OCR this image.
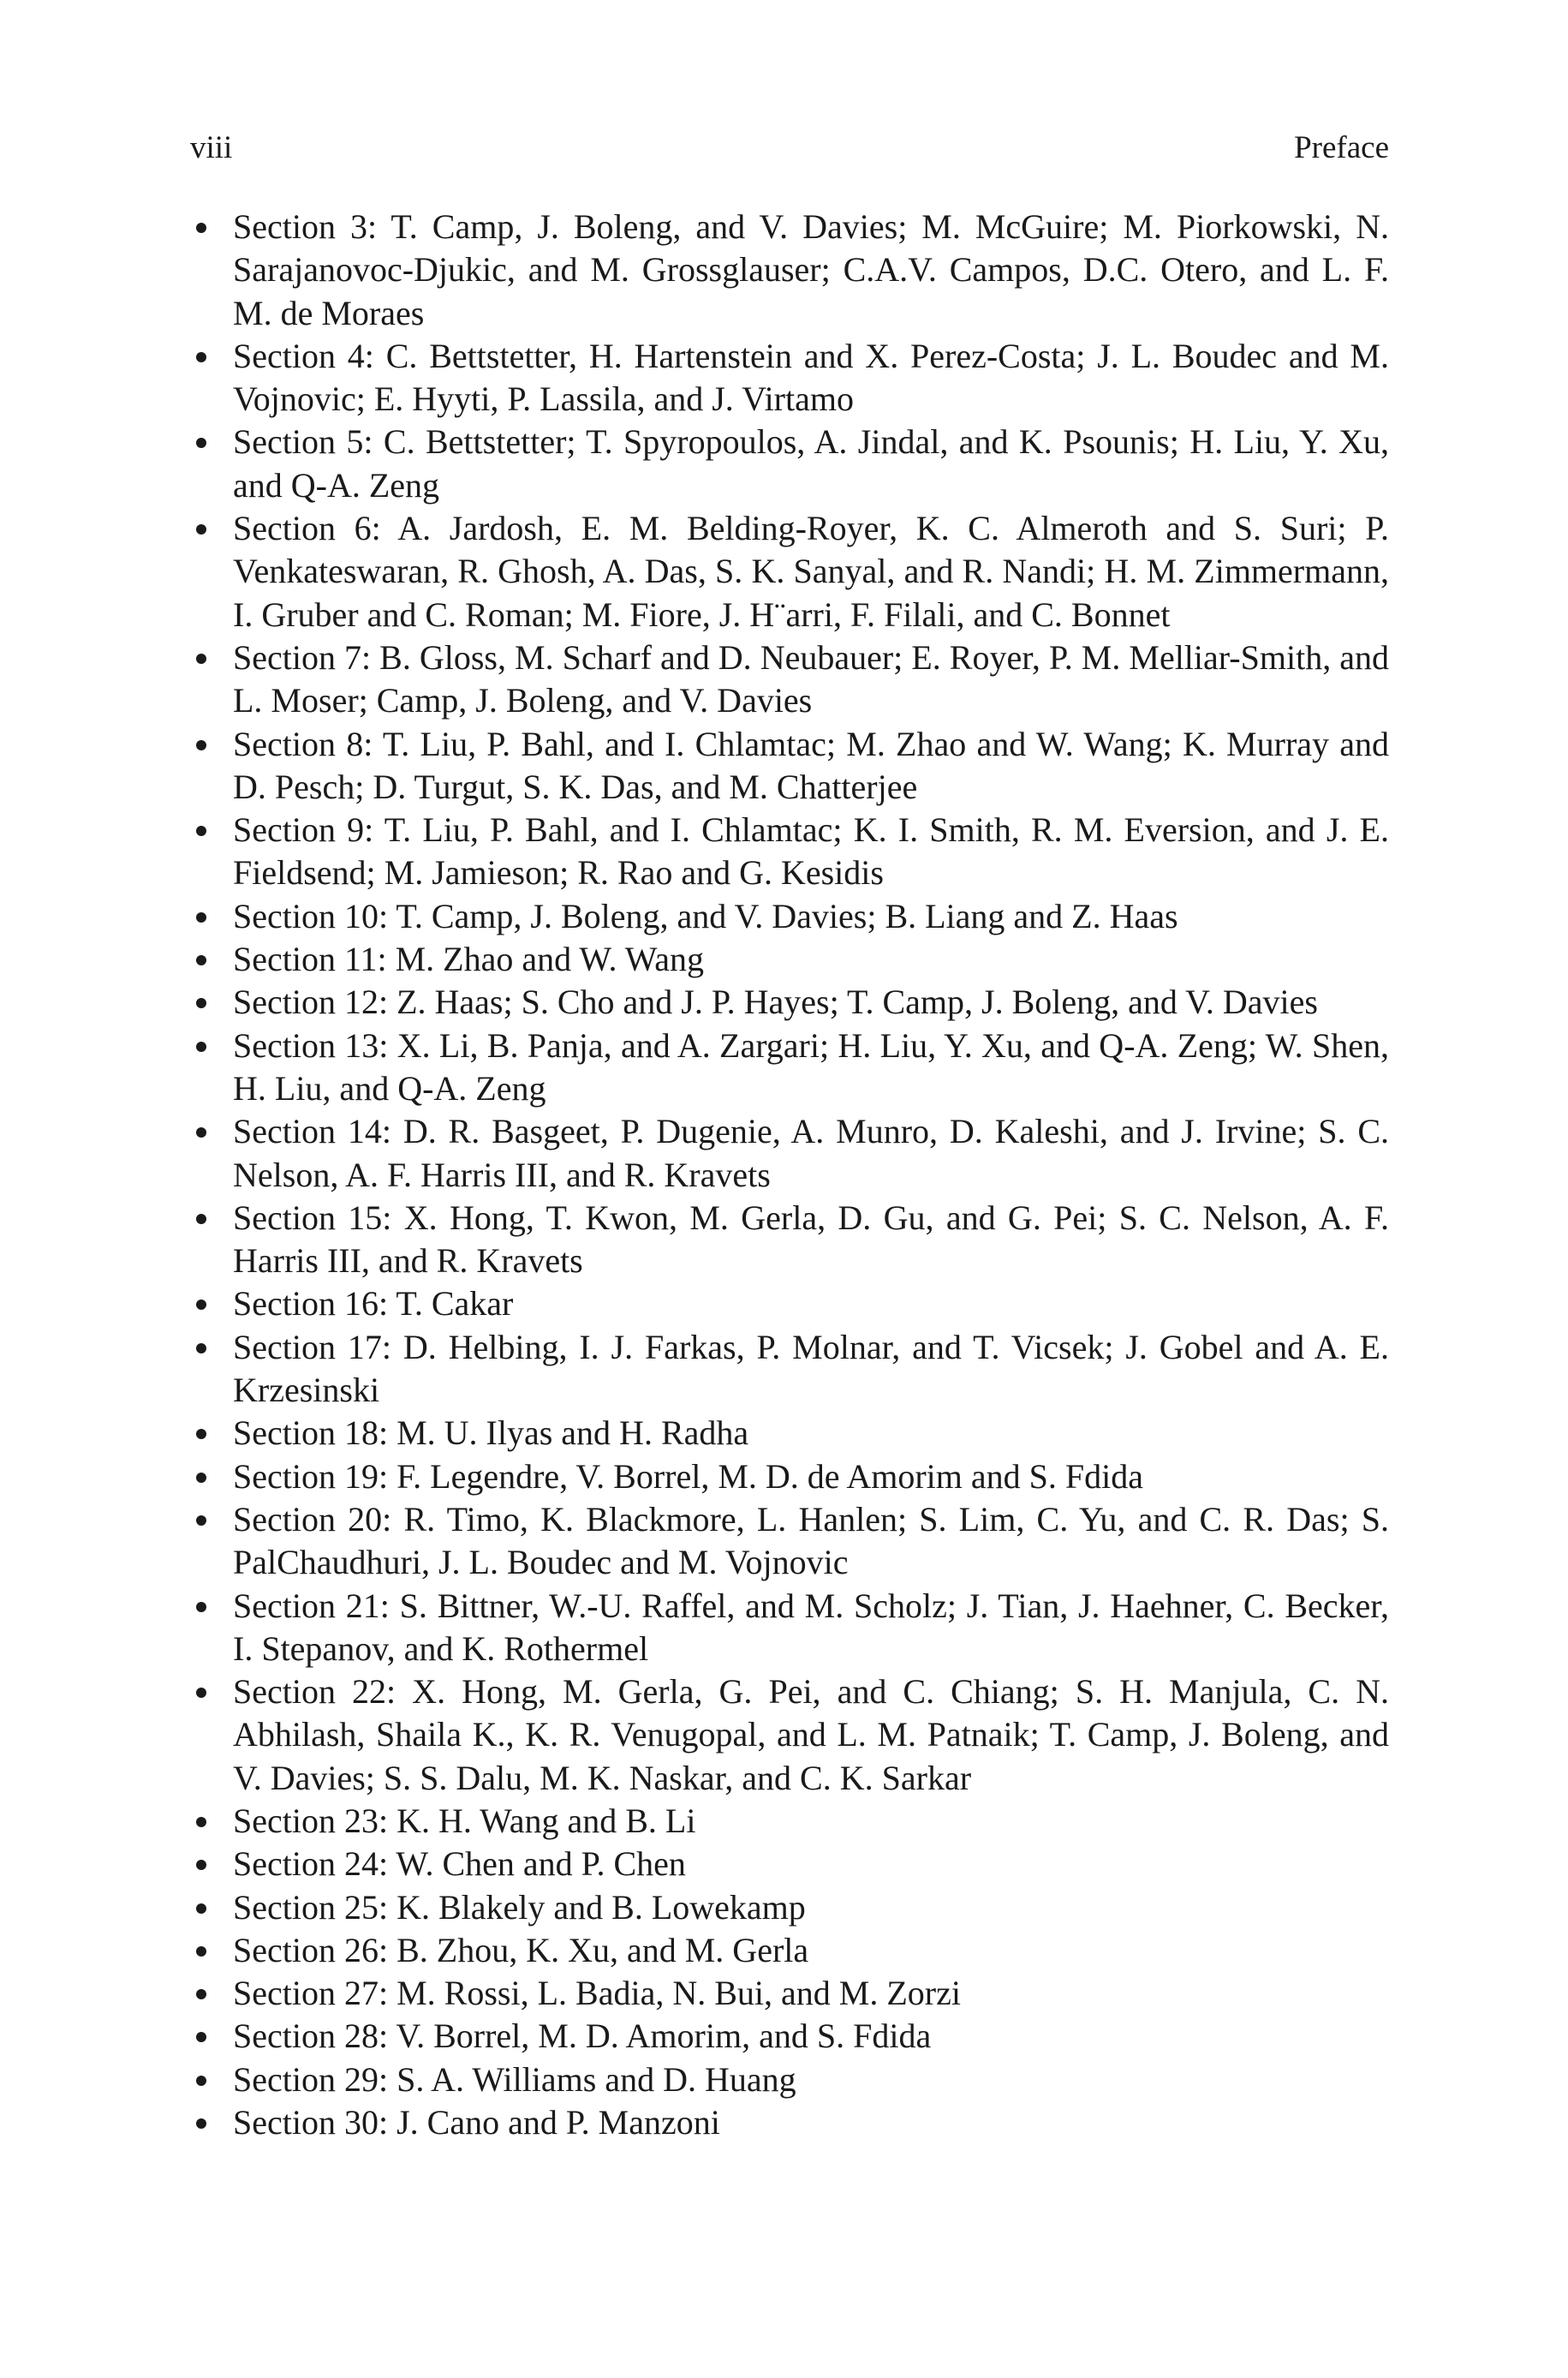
viii	Preface
Section 3: T. Camp, J. Boleng, and V. Davies; M. McGuire; M. Piorkowski, N. Sarajanovoc-Djukic, and M. Grossglauser; C.A.V. Campos, D.C. Otero, and L. F. M. de Moraes
Section 4: C. Bettstetter, H. Hartenstein and X. Perez-Costa; J. L. Boudec and M. Vojnovic; E. Hyyti, P. Lassila, and J. Virtamo
Section 5: C. Bettstetter; T. Spyropoulos, A. Jindal, and K. Psounis; H. Liu, Y. Xu, and Q-A. Zeng
Section 6: A. Jardosh, E. M. Belding-Royer, K. C. Almeroth and S. Suri; P. Venkateswaran, R. Ghosh, A. Das, S. K. Sanyal, and R. Nandi; H. M. Zimmermann, I. Gruber and C. Roman; M. Fiore, J. H¨arri, F. Filali, and C. Bonnet
Section 7: B. Gloss, M. Scharf and D. Neubauer; E. Royer, P. M. Melliar-Smith, and L. Moser; Camp, J. Boleng, and V. Davies
Section 8: T. Liu, P. Bahl, and I. Chlamtac; M. Zhao and W. Wang; K. Murray and D. Pesch; D. Turgut, S. K. Das, and M. Chatterjee
Section 9: T. Liu, P. Bahl, and I. Chlamtac; K. I. Smith, R. M. Eversion, and J. E. Fieldsend; M. Jamieson; R. Rao and G. Kesidis
Section 10: T. Camp, J. Boleng, and V. Davies; B. Liang and Z. Haas
Section 11: M. Zhao and W. Wang
Section 12: Z. Haas; S. Cho and J. P. Hayes; T. Camp, J. Boleng, and V. Davies
Section 13: X. Li, B. Panja, and A. Zargari; H. Liu, Y. Xu, and Q-A. Zeng; W. Shen, H. Liu, and Q-A. Zeng
Section 14: D. R. Basgeet, P. Dugenie, A. Munro, D. Kaleshi, and J. Irvine; S. C. Nelson, A. F. Harris III, and R. Kravets
Section 15: X. Hong, T. Kwon, M. Gerla, D. Gu, and G. Pei; S. C. Nelson, A. F. Harris III, and R. Kravets
Section 16: T. Cakar
Section 17: D. Helbing, I. J. Farkas, P. Molnar, and T. Vicsek; J. Gobel and A. E. Krzesinski
Section 18: M. U. Ilyas and H. Radha
Section 19: F. Legendre, V. Borrel, M. D. de Amorim and S. Fdida
Section 20: R. Timo, K. Blackmore, L. Hanlen; S. Lim, C. Yu, and C. R. Das; S. PalChaudhuri, J. L. Boudec and M. Vojnovic
Section 21: S. Bittner, W.-U. Raffel, and M. Scholz; J. Tian, J. Haehner, C. Becker, I. Stepanov, and K. Rothermel
Section 22: X. Hong, M. Gerla, G. Pei, and C. Chiang; S. H. Manjula, C. N. Abhilash, Shaila K., K. R. Venugopal, and L. M. Patnaik; T. Camp, J. Boleng, and V. Davies; S. S. Dalu, M. K. Naskar, and C. K. Sarkar
Section 23: K. H. Wang and B. Li
Section 24: W. Chen and P. Chen
Section 25: K. Blakely and B. Lowekamp
Section 26: B. Zhou, K. Xu, and M. Gerla
Section 27: M. Rossi, L. Badia, N. Bui, and M. Zorzi
Section 28: V. Borrel, M. D. Amorim, and S. Fdida
Section 29: S. A. Williams and D. Huang
Section 30: J. Cano and P. Manzoni
